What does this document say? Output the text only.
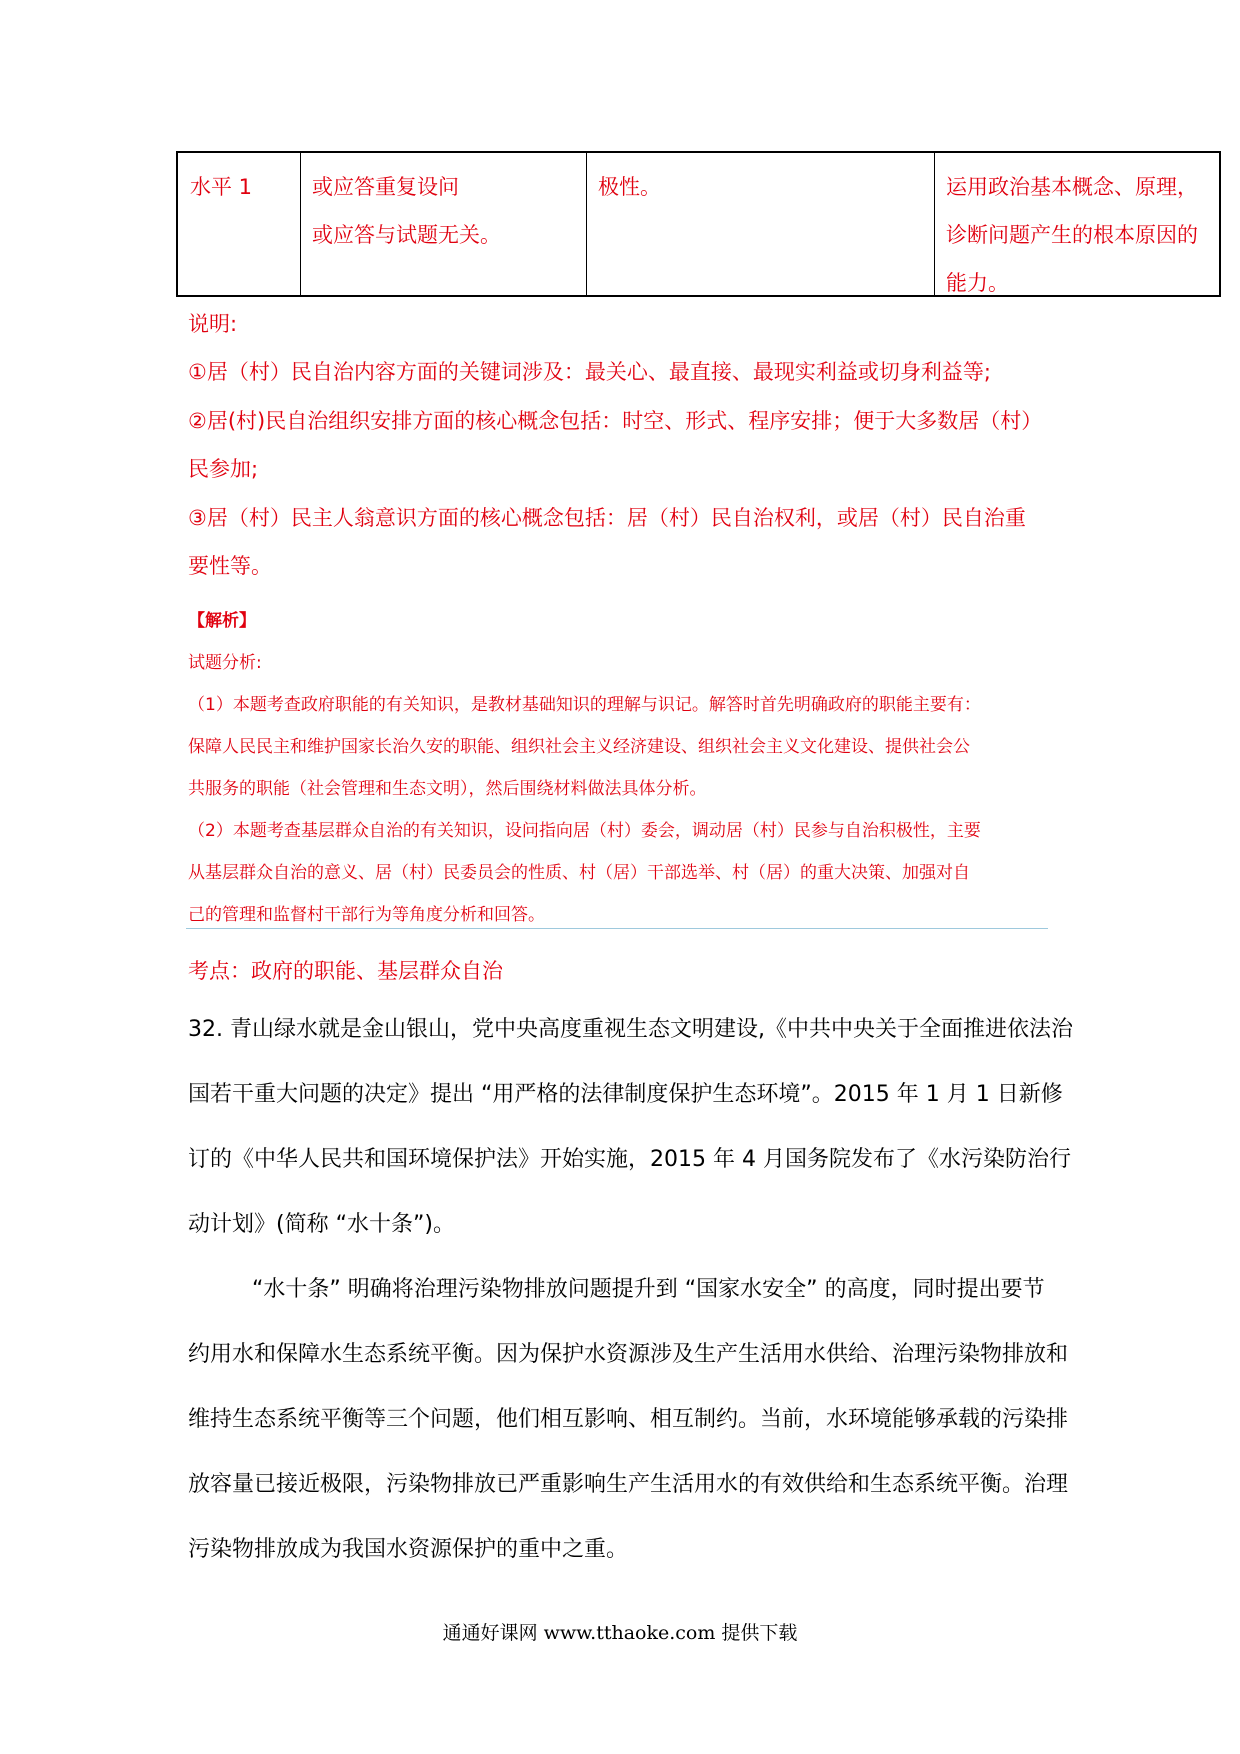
水平 1	或应答重复设问
或应答与试题无关。
极性。	运用政治基本概念、原理，
诊断问题产生的根本原因的
能力。
说明:
①居（村）民自治内容方面的关键词涉及：最关心、最直接、最现实利益或切身利益等;
②居(村)民自治组织安排方面的核心概念包括：时空、形式、程序安排；便于大多数居（村）
民参加;
③居（村）民主人翁意识方面的核心概念包括：居（村）民自治权利，或居（村）民自治重
要性等。
【解析】
试题分析:
（1）本题考查政府职能的有关知识，是教材基础知识的理解与识记。解答时首先明确政府的职能主要有：
保障人民民主和维护国家长治久安的职能、组织社会主义经济建设、组织社会主义文化建设、提供社会公
共服务的职能（社会管理和生态文明），然后围绕材料做法具体分析。
（2）本题考查基层群众自治的有关知识，设问指向居（村）委会，调动居（村）民参与自治积极性，主要
从基层群众自治的意义、居（村）民委员会的性质、村（居）干部选举、村（居）的重大决策、加强对自
己的管理和监督村干部行为等角度分析和回答。
考点：政府的职能、基层群众自治
32. 青山绿水就是金山银山，党中央高度重视生态文明建设,《中共中央关于全面推进依法治
国若干重大问题的决定》提出 “用严格的法律制度保护生态环境”。2015 年 1 月 1 日新修
订的《中华人民共和国环境保护法》开始实施，2015 年 4 月国务院发布了《水污染防治行
动计划》(简称 “水十条”)。
“水十条” 明确将治理污染物排放问题提升到 “国家水安全” 的高度，同时提出要节
约用水和保障水生态系统平衡。因为保护水资源涉及生产生活用水供给、治理污染物排放和
维持生态系统平衡等三个问题，他们相互影响、相互制约。当前，水环境能够承载的污染排
放容量已接近极限，污染物排放已严重影响生产生活用水的有效供给和生态系统平衡。治理
污染物排放成为我国水资源保护的重中之重。
通通好课网 www.tthaoke.com 提供下载
